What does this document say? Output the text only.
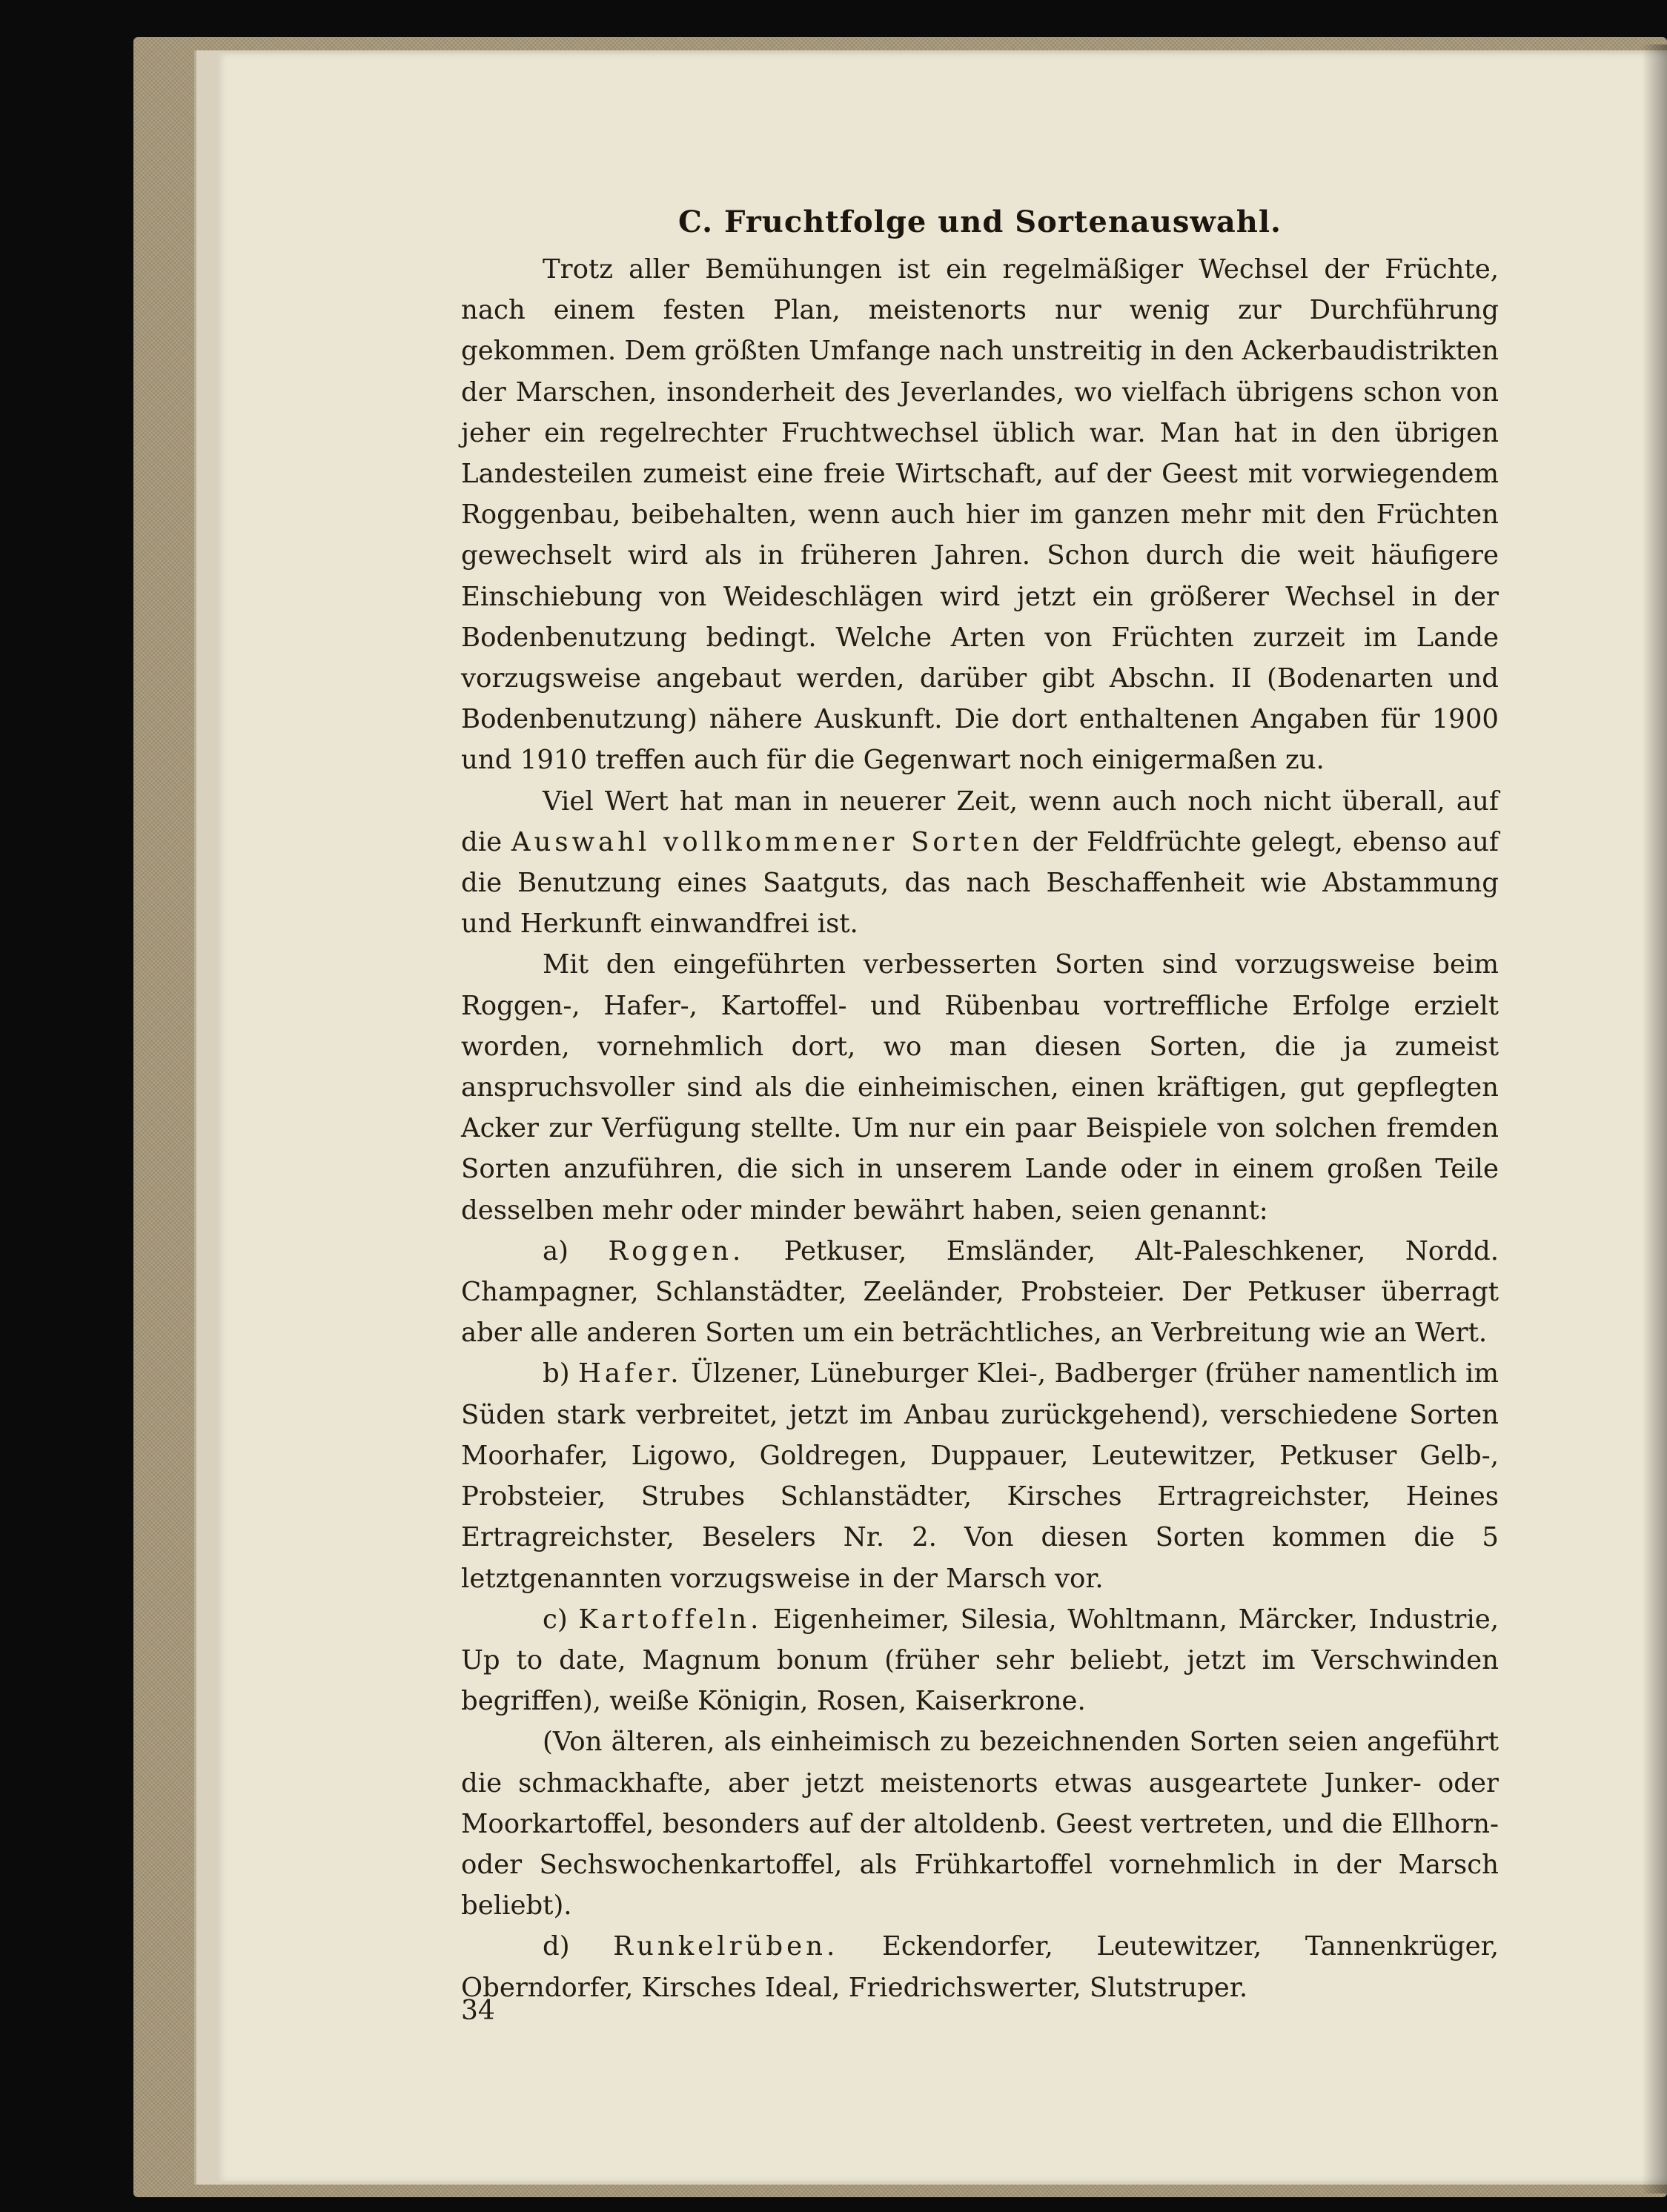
C. Fruchtfolge und Sortenauswahl.

Trotz aller Bemühungen ist ein regelmäßiger Wechsel der Früchte, nach einem festen Plan, meistenorts nur wenig zur Durchführung gekommen. Dem größten Umfange nach unstreitig in den Ackerbaudistrikten der Marschen, insonderheit des Jeverlandes, wo vielfach übrigens schon von jeher ein regelrechter Fruchtwechsel üblich war. Man hat in den übrigen Landesteilen zumeist eine freie Wirtschaft, auf der Geest mit vorwiegendem Roggenbau, beibehalten, wenn auch hier im ganzen mehr mit den Früchten gewechselt wird als in früheren Jahren. Schon durch die weit häufigere Einschiebung von Weideschlägen wird jetzt ein größerer Wechsel in der Bodenbenutzung bedingt. Welche Arten von Früchten zurzeit im Lande vorzugsweise angebaut werden, darüber gibt Abschn. II (Bodenarten und Bodenbenutzung) nähere Auskunft. Die dort enthaltenen Angaben für 1900 und 1910 treffen auch für die Gegenwart noch einigermaßen zu.

Viel Wert hat man in neuerer Zeit, wenn auch noch nicht überall, auf die Auswahl vollkommener Sorten der Feldfrüchte gelegt, ebenso auf die Benutzung eines Saatguts, das nach Beschaffenheit wie Abstammung und Herkunft einwandfrei ist.

Mit den eingeführten verbesserten Sorten sind vorzugsweise beim Roggen-, Hafer-, Kartoffel- und Rübenbau vortreffliche Erfolge erzielt worden, vornehmlich dort, wo man diesen Sorten, die ja zumeist anspruchsvoller sind als die einheimischen, einen kräftigen, gut gepflegten Acker zur Verfügung stellte. Um nur ein paar Beispiele von solchen fremden Sorten anzuführen, die sich in unserem Lande oder in einem großen Teile desselben mehr oder minder bewährt haben, seien genannt:

a) Roggen. Petkuser, Emsländer, Alt-Paleschkener, Nordd. Champagner, Schlanstädter, Zeeländer, Probsteier. Der Petkuser überragt aber alle anderen Sorten um ein beträchtliches, an Verbreitung wie an Wert.

b) Hafer. Ülzener, Lüneburger Klei-, Badberger (früher namentlich im Süden stark verbreitet, jetzt im Anbau zurückgehend), verschiedene Sorten Moorhafer, Ligowo, Goldregen, Duppauer, Leutewitzer, Petkuser Gelb-, Probsteier, Strubes Schlanstädter, Kirsches Ertragreichster, Heines Ertragreichster, Beselers Nr. 2. Von diesen Sorten kommen die 5 letztgenannten vorzugsweise in der Marsch vor.

c) Kartoffeln. Eigenheimer, Silesia, Wohltmann, Märcker, Industrie, Up to date, Magnum bonum (früher sehr beliebt, jetzt im Verschwinden begriffen), weiße Königin, Rosen, Kaiserkrone.

(Von älteren, als einheimisch zu bezeichnenden Sorten seien angeführt die schmackhafte, aber jetzt meistenorts etwas ausgeartete Junker- oder Moorkartoffel, besonders auf der altoldenb. Geest vertreten, und die Ellhorn- oder Sechswochenkartoffel, als Frühkartoffel vornehmlich in der Marsch beliebt).

d) Runkelrüben. Eckendorfer, Leutewitzer, Tannenkrüger, Oberndorfer, Kirsches Ideal, Friedrichswerter, Slutstruper.

34
